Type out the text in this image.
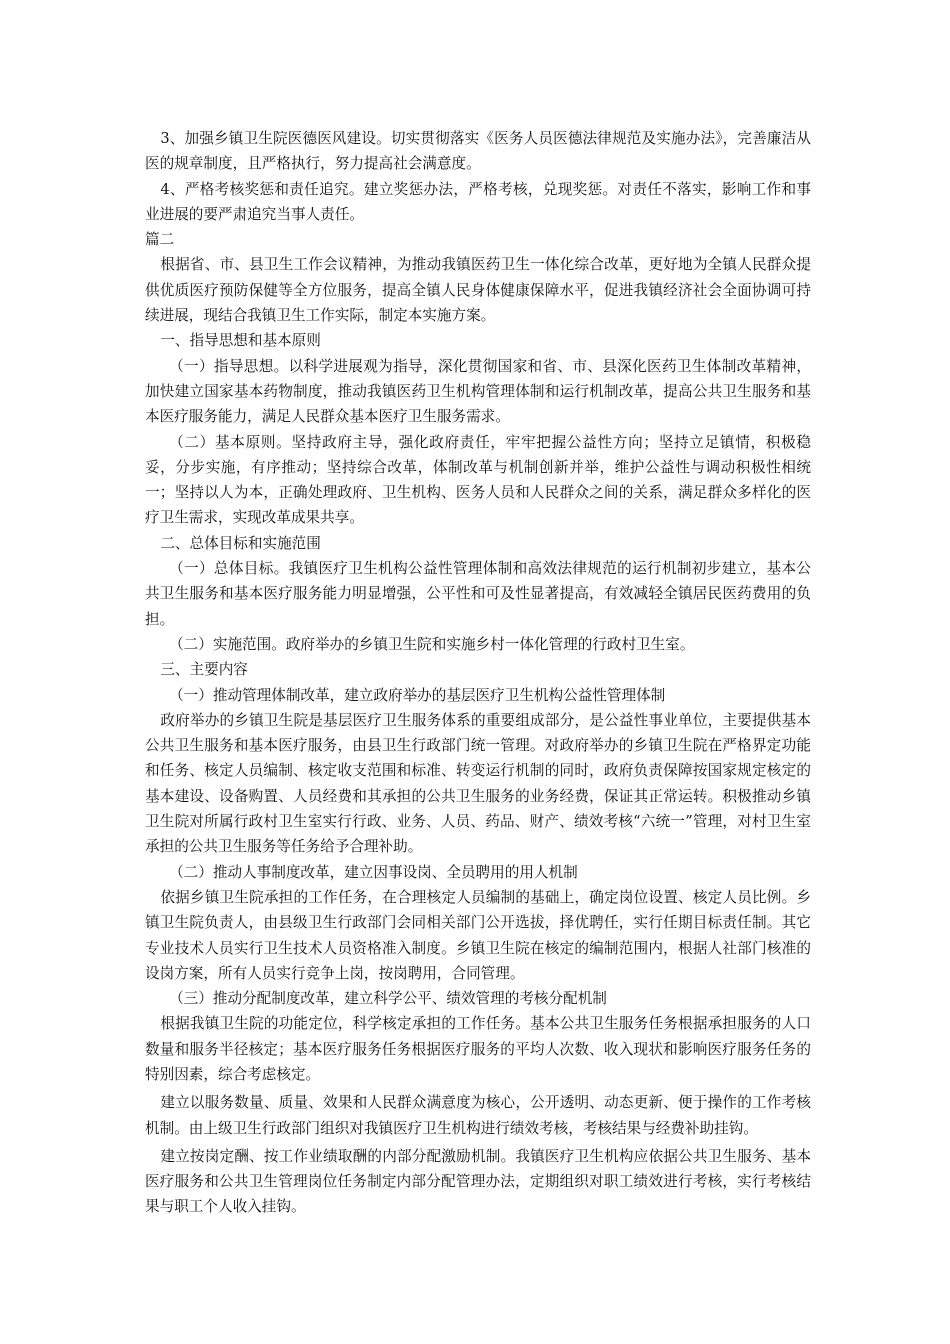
3、加强乡镇卫生院医德医风建设。切实贯彻落实《医务人员医德法律规范及实施办法》，完善廉洁从医的规章制度，且严格执行，努力提高社会满意度。

4、严格考核奖惩和责任追究。建立奖惩办法，严格考核，兑现奖惩。对责任不落实，影响工作和事业进展的要严肃追究当事人责任。

篇二

根据省、市、县卫生工作会议精神，为推动我镇医药卫生一体化综合改革，更好地为全镇人民群众提供优质医疗预防保健等全方位服务，提高全镇人民身体健康保障水平，促进我镇经济社会全面协调可持续进展，现结合我镇卫生工作实际，制定本实施方案。

一、指导思想和基本原则

（一）指导思想。以科学进展观为指导，深化贯彻国家和省、市、县深化医药卫生体制改革精神，加快建立国家基本药物制度，推动我镇医药卫生机构管理体制和运行机制改革，提高公共卫生服务和基本医疗服务能力，满足人民群众基本医疗卫生服务需求。

（二）基本原则。坚持政府主导，强化政府责任，牢牢把握公益性方向；坚持立足镇情，积极稳妥，分步实施，有序推动；坚持综合改革，体制改革与机制创新并举，维护公益性与调动积极性相统一；坚持以人为本，正确处理政府、卫生机构、医务人员和人民群众之间的关系，满足群众多样化的医疗卫生需求，实现改革成果共享。

二、总体目标和实施范围

（一）总体目标。我镇医疗卫生机构公益性管理体制和高效法律规范的运行机制初步建立，基本公共卫生服务和基本医疗服务能力明显增强，公平性和可及性显著提高，有效减轻全镇居民医药费用的负担。

（二）实施范围。政府举办的乡镇卫生院和实施乡村一体化管理的行政村卫生室。

三、主要内容

（一）推动管理体制改革，建立政府举办的基层医疗卫生机构公益性管理体制

政府举办的乡镇卫生院是基层医疗卫生服务体系的重要组成部分，是公益性事业单位，主要提供基本公共卫生服务和基本医疗服务，由县卫生行政部门统一管理。对政府举办的乡镇卫生院在严格界定功能和任务、核定人员编制、核定收支范围和标准、转变运行机制的同时，政府负责保障按国家规定核定的基本建设、设备购置、人员经费和其承担的公共卫生服务的业务经费，保证其正常运转。积极推动乡镇卫生院对所属行政村卫生室实行行政、业务、人员、药品、财产、绩效考核“六统一”管理，对村卫生室承担的公共卫生服务等任务给予合理补助。

（二）推动人事制度改革，建立因事设岗、全员聘用的用人机制

依据乡镇卫生院承担的工作任务，在合理核定人员编制的基础上，确定岗位设置、核定人员比例。乡镇卫生院负责人，由县级卫生行政部门会同相关部门公开选拔，择优聘任，实行任期目标责任制。其它专业技术人员实行卫生技术人员资格准入制度。乡镇卫生院在核定的编制范围内，根据人社部门核准的设岗方案，所有人员实行竞争上岗，按岗聘用，合同管理。

（三）推动分配制度改革，建立科学公平、绩效管理的考核分配机制

根据我镇卫生院的功能定位，科学核定承担的工作任务。基本公共卫生服务任务根据承担服务的人口数量和服务半径核定；基本医疗服务任务根据医疗服务的平均人次数、收入现状和影响医疗服务任务的特别因素，综合考虑核定。

建立以服务数量、质量、效果和人民群众满意度为核心，公开透明、动态更新、便于操作的工作考核机制。由上级卫生行政部门组织对我镇医疗卫生机构进行绩效考核，考核结果与经费补助挂钩。

建立按岗定酬、按工作业绩取酬的内部分配激励机制。我镇医疗卫生机构应依据公共卫生服务、基本医疗服务和公共卫生管理岗位任务制定内部分配管理办法，定期组织对职工绩效进行考核，实行考核结果与职工个人收入挂钩。
